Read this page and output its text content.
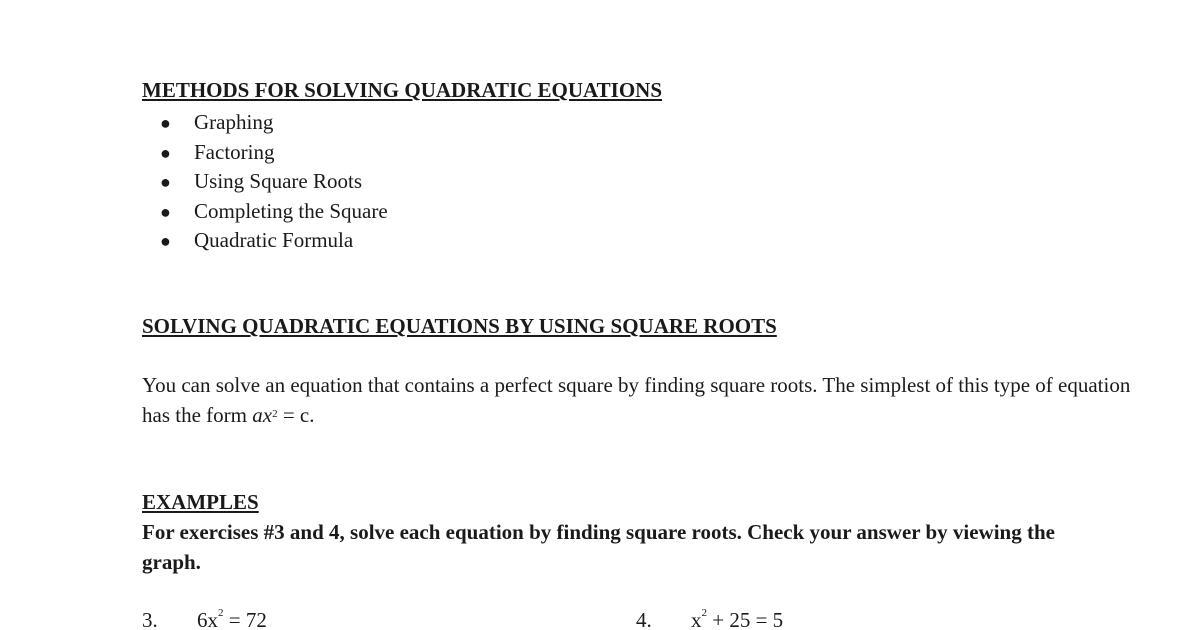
METHODS FOR SOLVING QUADRATIC EQUATIONS
● Graphing
● Factoring
● Using Square Roots
● Completing the Square
● Quadratic Formula
SOLVING QUADRATIC EQUATIONS BY USING SQUARE ROOTS

You can solve an equation that contains a perfect square by finding square roots. The simplest of this type of equation has the form $ax^2 = c$.

EXAMPLES

For exercises #3 and 4, solve each equation by finding square roots. Check your answer by viewing the graph.

3. $6x^2 = 72$	4. $x^2 + 25 = 5$
